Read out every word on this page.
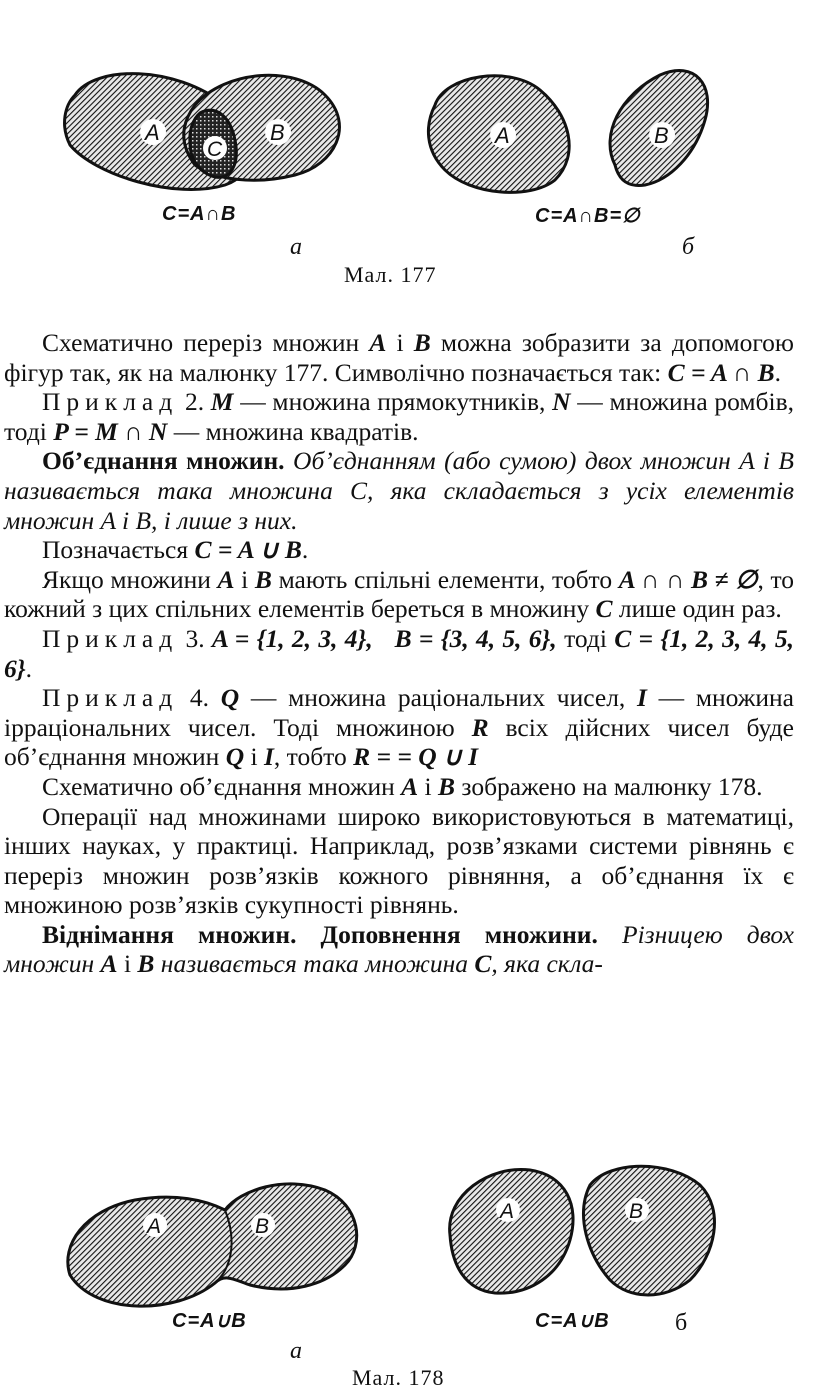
A	B
C
A	B
C=A∩B	C=A∩B=∅
а	б
Мал. 177

Схематично переріз множин A і B можна зобразити за допомогою фігур так, як на малюнку 177. Символічно позначається так: C = A ∩ B.

Приклад 2. M — множина прямокутників, N — множина ромбів, тоді P = M ∩ N — множина квадратів.

Об’єднання множин. Об’єднанням (або сумою) двох множин A і B називається така множина C, яка складається з усіх елементів множин A і B, і лише з них.

Позначається C = A ∪ B.

Якщо множини A і B мають спільні елементи, тобто A ∩ ∩ B ≠ ∅, то кожний з цих спільних елементів береться в множину C лише один раз.

Приклад 3. A = {1, 2, 3, 4}, B = {3, 4, 5, 6}, тоді C = {1, 2, 3, 4, 5, 6}.

Приклад 4. Q — множина раціональних чисел, I — множина ірраціональних чисел. Тоді множиною R всіх дійсних чисел буде об’єднання множин Q і I, тобто R = = Q ∪ I

Схематично об’єднання множин A і B зображено на малюнку 178.

Операції над множинами широко використовуються в математиці, інших науках, у практиці. Наприклад, розв’язками системи рівнянь є переріз множин розв’язків кожного рівняння, а об’єднання їх є множиною розв’язків сукупності рівнянь.

Віднімання множин. Доповнення множини. Різницею двох множин A і B називається така множина C, яка скла-

A	B
A	B
C=A∪B	C=A∪B
а
б
Мал. 178
